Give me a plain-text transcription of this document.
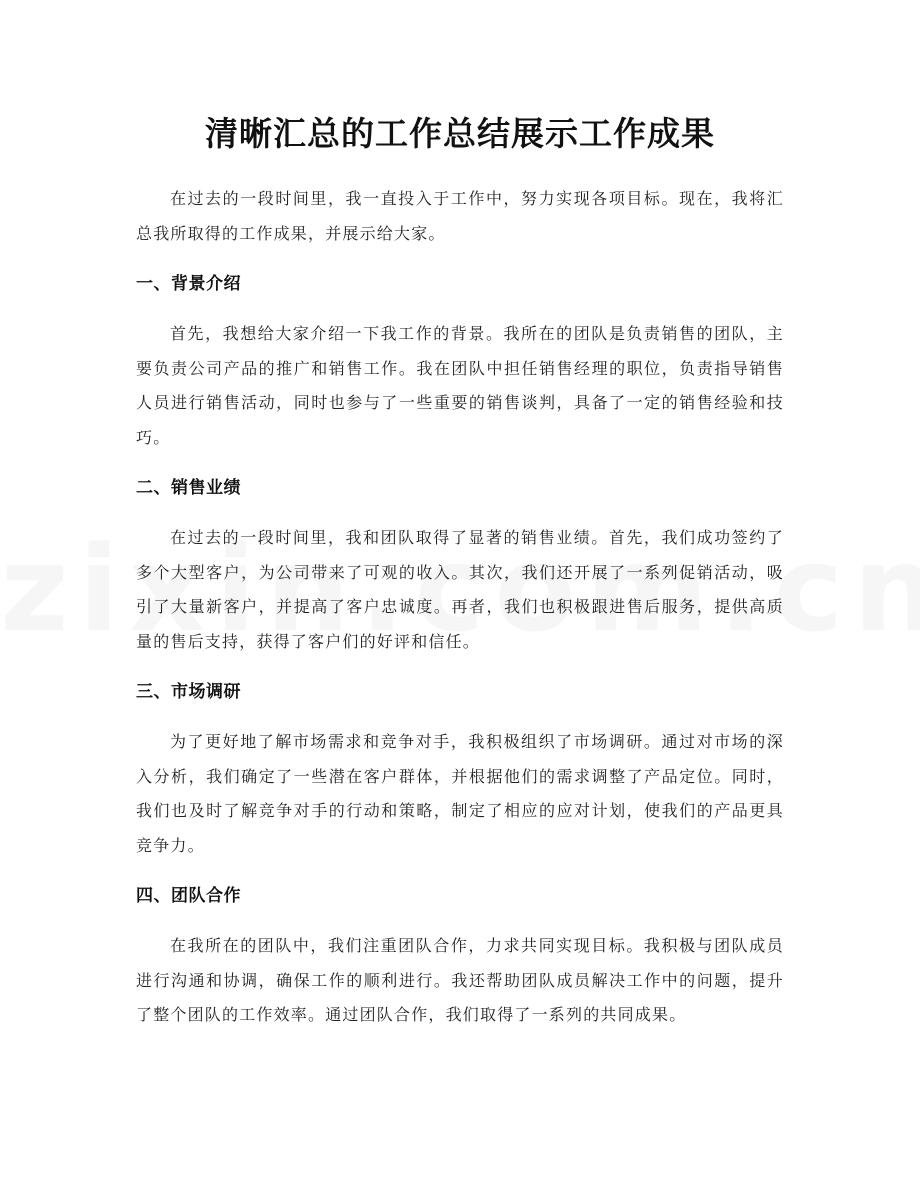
清晰汇总的工作总结展示工作成果

在过去的一段时间里，我一直投入于工作中，努力实现各项目标。现在，我将汇总我所取得的工作成果，并展示给大家。

一、背景介绍

首先，我想给大家介绍一下我工作的背景。我所在的团队是负责销售的团队，主要负责公司产品的推广和销售工作。我在团队中担任销售经理的职位，负责指导销售人员进行销售活动，同时也参与了一些重要的销售谈判，具备了一定的销售经验和技巧。

二、销售业绩

在过去的一段时间里，我和团队取得了显著的销售业绩。首先，我们成功签约了多个大型客户，为公司带来了可观的收入。其次，我们还开展了一系列促销活动，吸引了大量新客户，并提高了客户忠诚度。再者，我们也积极跟进售后服务，提供高质量的售后支持，获得了客户们的好评和信任。

三、市场调研

为了更好地了解市场需求和竞争对手，我积极组织了市场调研。通过对市场的深入分析，我们确定了一些潜在客户群体，并根据他们的需求调整了产品定位。同时，我们也及时了解竞争对手的行动和策略，制定了相应的应对计划，使我们的产品更具竞争力。

四、团队合作

在我所在的团队中，我们注重团队合作，力求共同实现目标。我积极与团队成员进行沟通和协调，确保工作的顺利进行。我还帮助团队成员解决工作中的问题，提升了整个团队的工作效率。通过团队合作，我们取得了一系列的共同成果。
